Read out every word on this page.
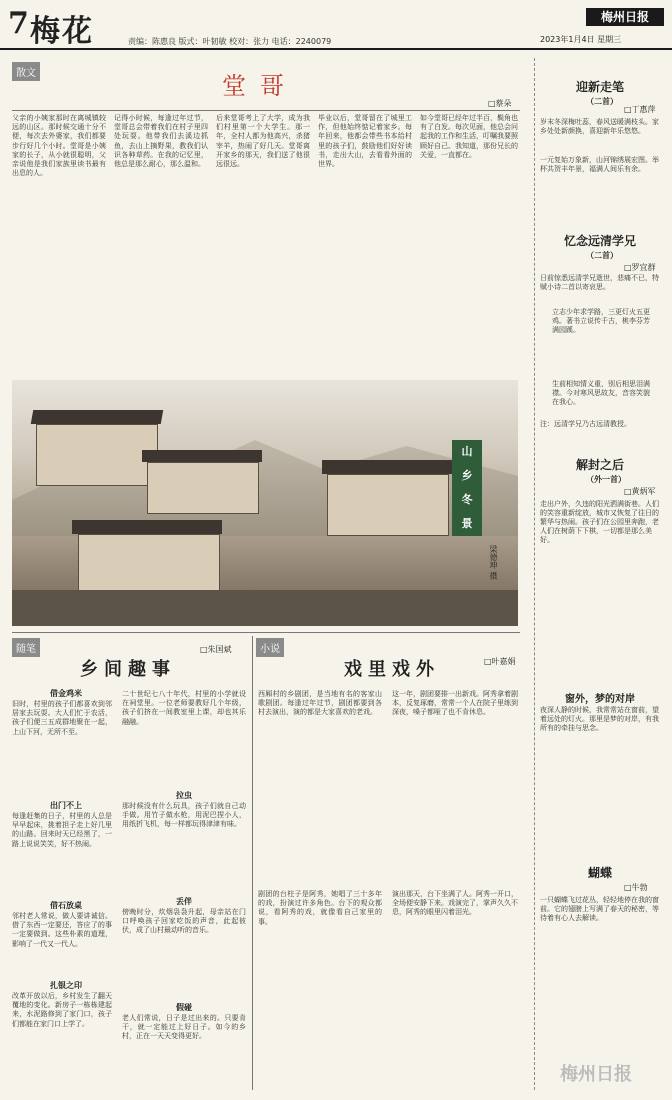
7 梅花	责编：陈惠良 版式：叶韧敏 校对：张力 电话：2240079
梅州日报
2023年1月4日 星期三
散文	堂哥
□蔡朵
父亲的小姨家那时在离城镇较远的山区。那时候交通十分不便，每次去外婆家，我们都要步行好几个小时。堂哥是小姨家的长子，从小就很聪明，父亲说他是我们家族里读书最有出息的人。
记得小时候，每逢过年过节，堂哥总会带着我们在村子里四处玩耍。他带我们去溪边抓鱼，去山上摘野果，教我们认识各种草药。在我的记忆里，他总是那么耐心，那么温和。
后来堂哥考上了大学，成为我们村里第一个大学生。那一年，全村人都为他高兴，杀猪宰羊，热闹了好几天。堂哥离开家乡的那天，我们送了他很远很远。
毕业以后，堂哥留在了城里工作，但他始终惦记着家乡。每年回来，他都会带些书本给村里的孩子们，鼓励他们好好读书，走出大山，去看看外面的世界。
如今堂哥已经年过半百，鬓角也有了白发。每次见面，他总会问起我的工作和生活，叮嘱我要照顾好自己。我知道，那份兄长的关爱，一直都在。
山
乡
冬
景
梁德坤 摄
随笔
乡间趣事
□朱国斌
借金鸡米
旧时，村里的孩子们都喜欢到邻居家去玩耍。大人们忙于农活，孩子们便三五成群地聚在一起，上山下河，无所不至。
出门不上
每逢赶集的日子，村里的人总是早早起床，挑着担子走上好几里的山路。回来时天已经黑了，一路上说说笑笑，好不热闹。
借石放桌
邻村老人常说，做人要讲诚信。借了东西一定要还，答应了的事一定要做到。这些朴素的道理，影响了一代又一代人。
扎银之印
改革开放以后，乡村发生了翻天覆地的变化。新房子一栋栋建起来，水泥路修到了家门口，孩子们都能在家门口上学了。
二十世纪七八十年代，村里的小学就设在祠堂里。一位老师要教好几个年级，孩子们挤在一间教室里上课，却也其乐融融。
拉虫
那时候没有什么玩具，孩子们就自己动手做。用竹子做水枪，用泥巴捏小人，用纸折飞机，每一样都玩得津津有味。
丢伴
傍晚时分，炊烟袅袅升起，母亲站在门口呼唤孩子回家吃饭的声音，此起彼伏，成了山村最动听的音乐。
假碰
老人们常说，日子是过出来的。只要肯干，就一定能过上好日子。如今的乡村，正在一天天变得更好。
小说
戏里戏外	□叶嘉娟
西厢村的乡剧团，是当地有名的客家山歌剧团。每逢过年过节，剧团都要到各村去演出，演的都是大家喜欢的老戏。
剧团的台柱子是阿秀，她唱了三十多年的戏，扮演过许多角色。台下的观众都说，看阿秀的戏，就像看自己家里的事。
这一年，剧团要排一出新戏。阿秀拿着剧本，反复琢磨，常常一个人在院子里练到深夜，嗓子都哑了也不肯休息。
演出那天，台下坐满了人。阿秀一开口，全场便安静下来。戏演完了，掌声久久不息，阿秀的眼里闪着泪光。
迎新走笔
（二首）
□丁惠萍
岁末冬深梅吐蕊，春风送暖满枝头。家乡处处新颜换，喜迎新年乐悠悠。
一元复始万象新，山河锦绣展宏图。举杯共贺丰年景，福满人间乐有余。
忆念远清学兄
（二首）
□罗宜群
日前惊悉远清学兄逝世，悲痛不已，特赋小诗二首以寄哀思。
立志少年求学路，三更灯火五更鸡。著书立说传千古，桃李芬芳满园蹊。
生前相知情义重，别后相思泪满襟。今对寒风思故友，音容笑貌在我心。
注：远清学兄乃古远清教授。
解封之后
（外一首）
□黄炳军
走出户外，久违的阳光洒满街巷。人们的笑容重新绽放，城市又恢复了往日的繁华与热闹。孩子们在公园里奔跑，老人们在树荫下下棋，一切都是那么美好。
窗外，梦的对岸
夜深人静的时候，我常常站在窗前，望着远处的灯火。那里是梦的对岸，有我所有的牵挂与思念。
蝴蝶
□牛勃
一只蝴蝶飞过花丛，轻轻地停在我的窗前。它的翅膀上写满了春天的秘密，等待着有心人去解读。
梅州日报
